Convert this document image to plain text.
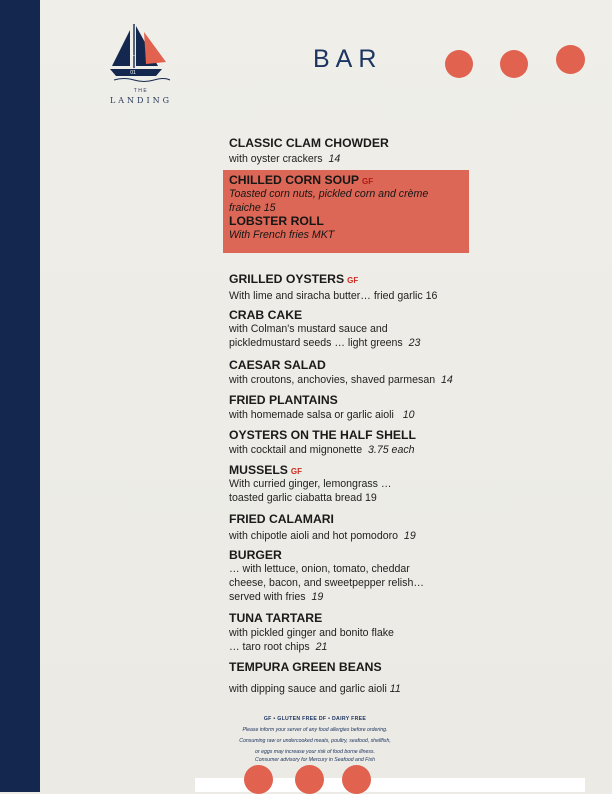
L
01
THE
LANDING
BAR
CLASSIC CLAM CHOWDER
with oyster crackers 14
CHILLED CORN SOUP GF
Toasted corn nuts, pickled corn and crème
fraiche 15
LOBSTER ROLL
With French fries MKT
GRILLED OYSTERS GF
With lime and siracha butter… fried garlic 16
CRAB CAKE
with Colman's mustard sauce and
pickledmustard seeds … light greens 23
CAESAR SALAD
with croutons, anchovies, shaved parmesan 14
FRIED PLANTAINS
with homemade salsa or garlic aioli 10
OYSTERS ON THE HALF SHELL
with cocktail and mignonette 3.75 each
MUSSELS GF
With curried ginger, lemongrass …
toasted garlic ciabatta bread 19
FRIED CALAMARI
with chipotle aioli and hot pomodoro 19
BURGER
… with lettuce, onion, tomato, cheddar
cheese, bacon, and sweetpepper relish…
served with fries 19
TUNA TARTARE
with pickled ginger and bonito flake
… taro root chips 21
TEMPURA GREEN BEANS
with dipping sauce and garlic aioli 11
GF • GLUTEN FREE DF • DAIRY FREE
Please inform your server of any food allergies before ordering.
Consuming raw or undercooked meats, poultry, seafood, shellfish,
or eggs may increase your risk of food borne illness.
Consumer advisory for Mercury in Seafood and Fish
